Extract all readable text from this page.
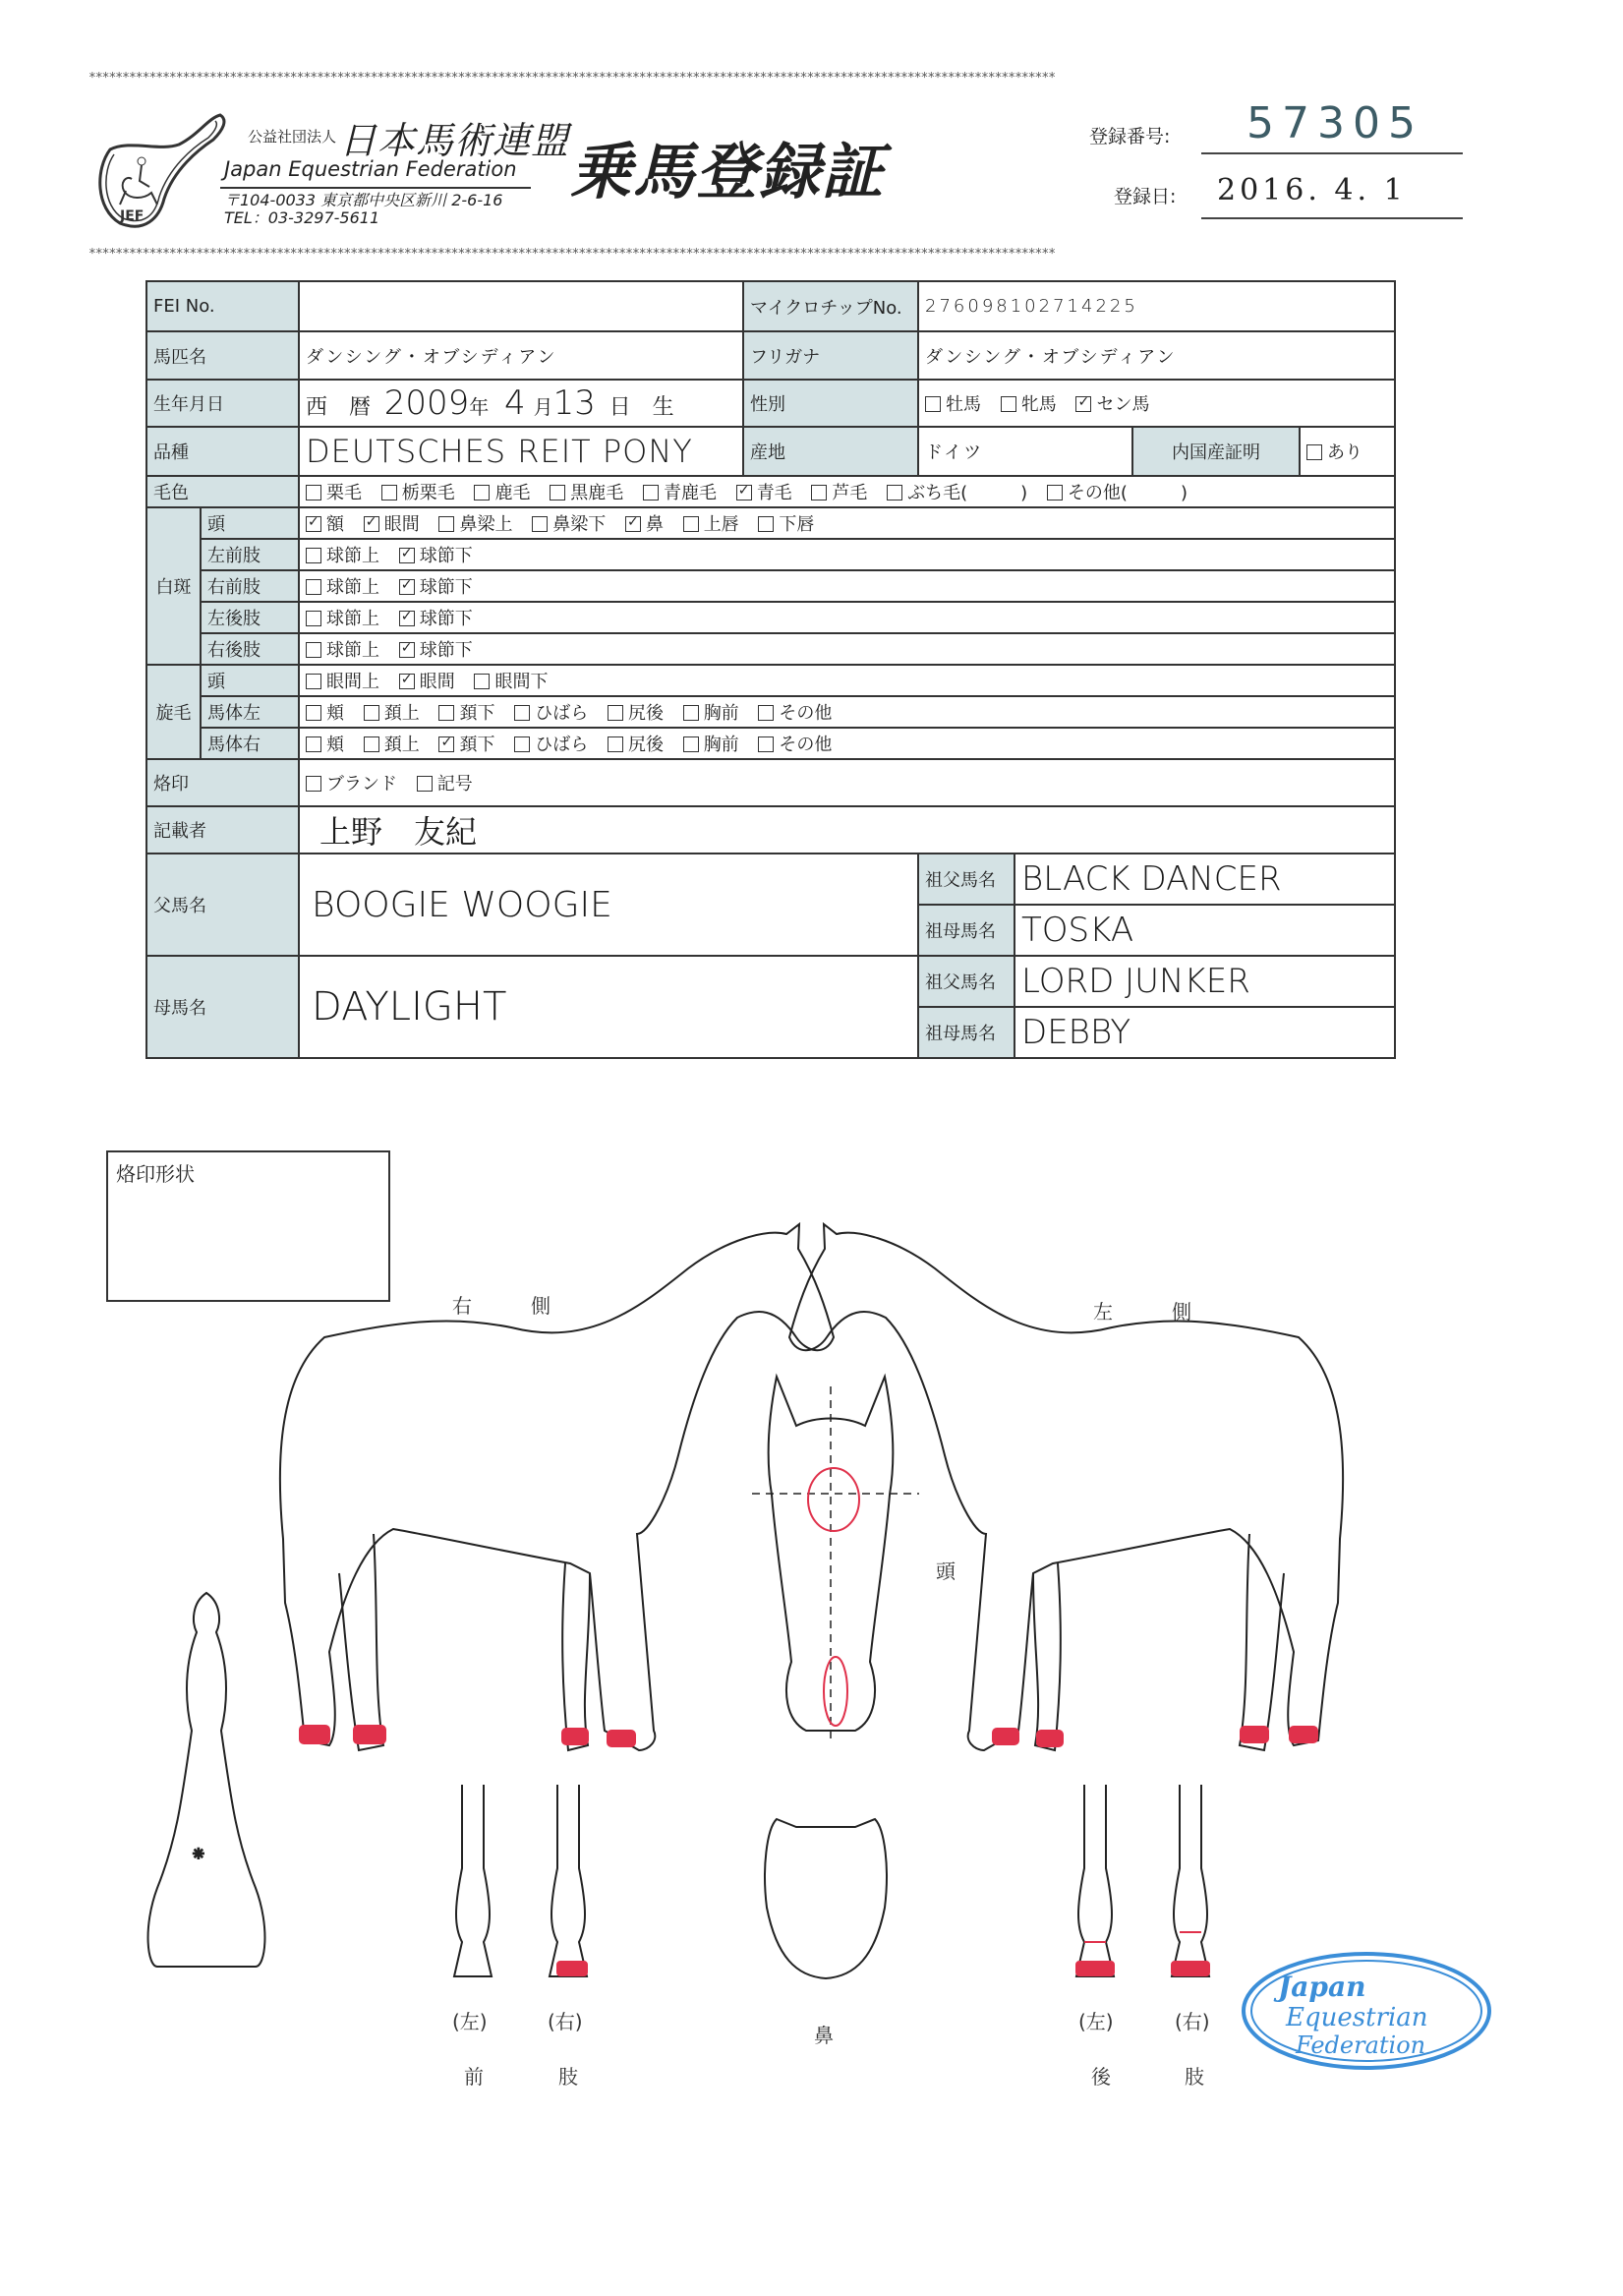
************************************************************************************************************************************************
************************************************************************************************************************************************
JEF
公益社団法人 日本馬術連盟
Japan Equestrian Federation
〒104-0033 東京都中央区新川 2-6-16
TEL：03-3297-5611
乗馬登録証	登録番号: 57305
登録日: 2016. 4. 1
FEI No.			マイクロチップNo.	276098102714225			
馬匹名		ダンシング・オブシディアン	フリガナ	ダンシング・オブシディアン			
生年月日		西　暦 2009年 4 月13 日　生	性別	牡馬 牝馬 ✓ セン馬
品種		DEUTSCHES REIT PONY	産地	ドイツ		内国産証明	あり
毛色		栗毛 栃栗毛 鹿毛 黒鹿毛 青鹿毛 ✓ 青毛 芦毛 ぶち毛(　　　) その他(　　　)
白斑	頭	✓額 ✓ 眼間 鼻梁上 鼻梁下 ✓ 鼻 上唇 下唇
	左前肢	球節上 ✓ 球節下
	右前肢	球節上 ✓ 球節下
	左後肢	球節上 ✓ 球節下
	右後肢	球節上 ✓ 球節下
旋毛	頭	眼間上 ✓ 眼間 眼間下
	馬体左	頬 頚上 頚下 ひばら 尻後 胸前 その他					
	馬体右	頬 頚上 ✓ 頚下 ひばら 尻後 胸前 その他
烙印		ブランド 記号					
記載者		上野　友紀					
父馬名		BOOGIE WOOGIE		祖父馬名	BLACK DANCER		
				祖母馬名	TOSKA		
母馬名		DAYLIGHT		祖父馬名	LORD JUNKER		
				祖母馬名	DEBBY		
烙印形状
右　　　側	左　　　側
頭
鼻
(左)	(右)
前	肢
(左)	(右)
後	肢
✳
Japan
Equestrian
Federation
